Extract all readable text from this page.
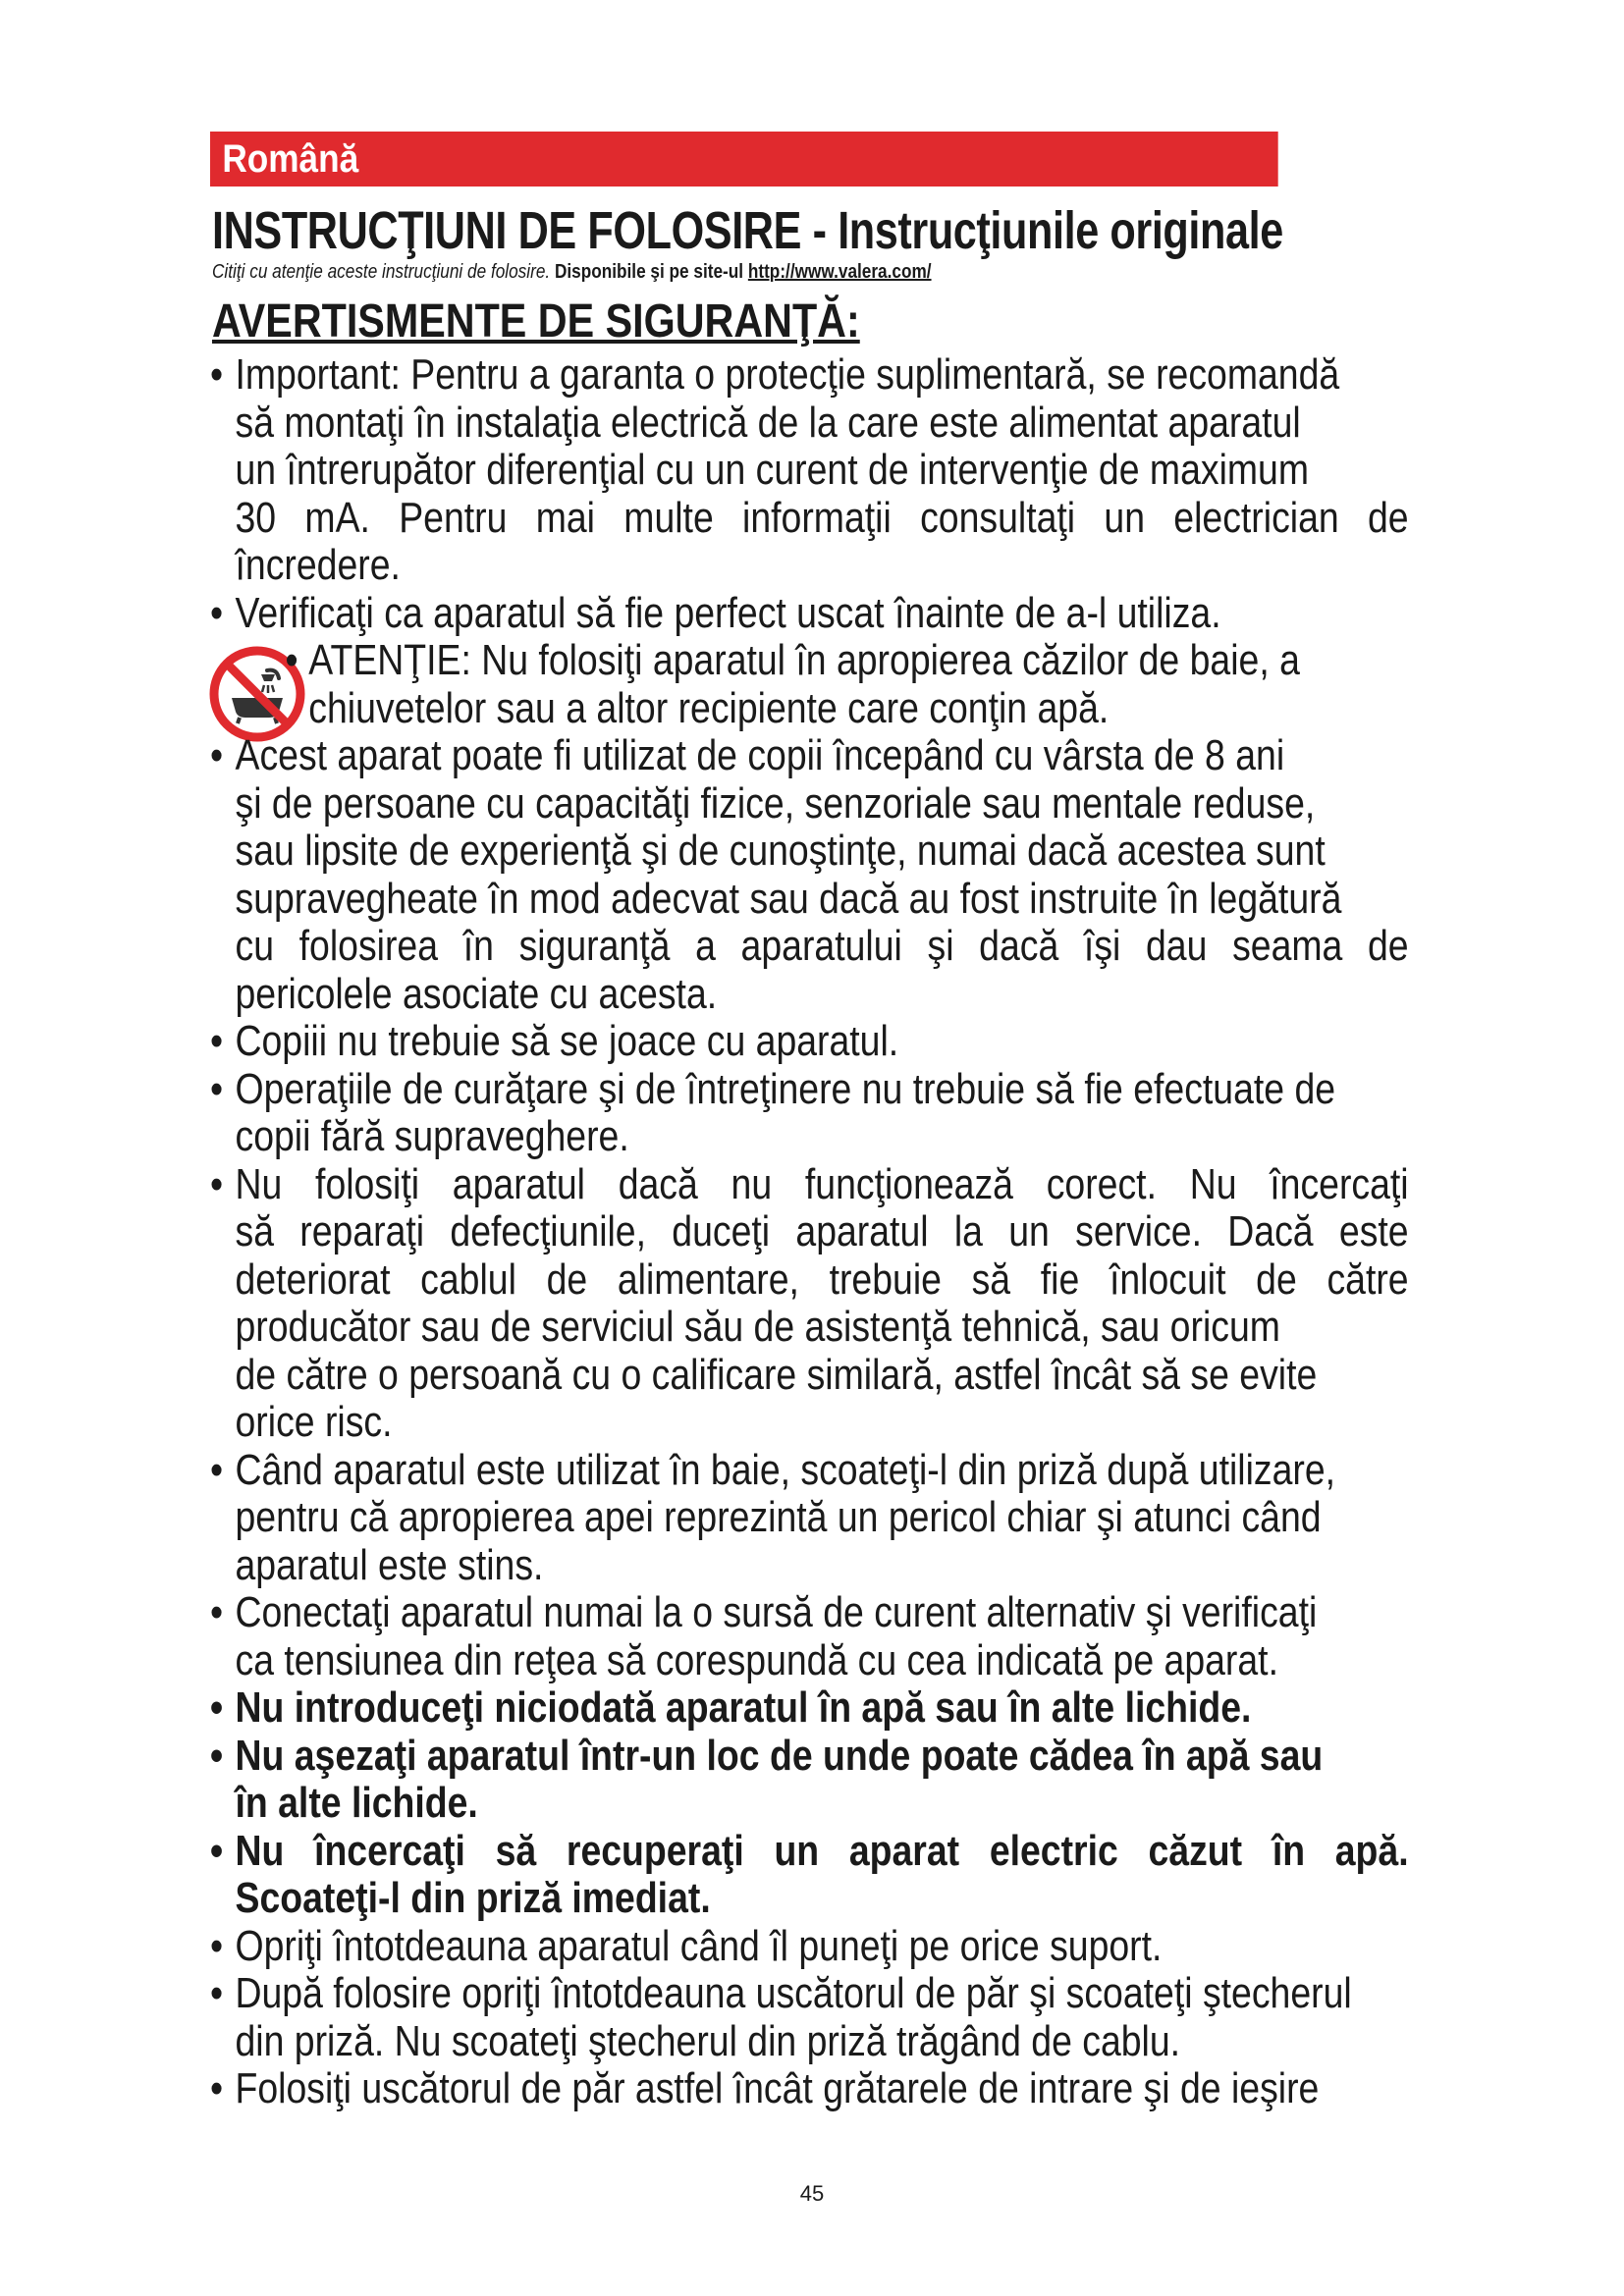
Română
INSTRUCŢIUNI DE FOLOSIRE - Instrucţiunile originale
Citiţi cu atenţie aceste instrucţiuni de folosire. Disponibile şi pe site-ul http://www.valera.com/
AVERTISMENTE DE SIGURANŢĂ:
• Important: Pentru a garanta o protecţie suplimentară, se recomandă
să montaţi în instalaţia electrică de la care este alimentat aparatul
un întrerupător diferenţial cu un curent de intervenţie de maximum
30 mA. Pentru mai multe informaţii consultaţi un electrician de
încredere.
• Verificaţi ca aparatul să fie perfect uscat înainte de a-l utiliza.
• ATENŢIE: Nu folosiţi aparatul în apropierea căzilor de baie, a
chiuvetelor sau a altor recipiente care conţin apă.
• Acest aparat poate fi utilizat de copii începând cu vârsta de 8 ani
şi de persoane cu capacităţi fizice, senzoriale sau mentale reduse,
sau lipsite de experienţă şi de cunoştinţe, numai dacă acestea sunt
supravegheate în mod adecvat sau dacă au fost instruite în legătură
cu folosirea în siguranţă a aparatului şi dacă îşi dau seama de
pericolele asociate cu acesta.
• Copiii nu trebuie să se joace cu aparatul.
• Operaţiile de curăţare şi de întreţinere nu trebuie să fie efectuate de
copii fără supraveghere.
• Nu folosiţi aparatul dacă nu funcţionează corect. Nu încercaţi
să reparaţi defecţiunile, duceţi aparatul la un service. Dacă este
deteriorat cablul de alimentare, trebuie să fie înlocuit de către
producător sau de serviciul său de asistenţă tehnică, sau oricum
de către o persoană cu o calificare similară, astfel încât să se evite
orice risc.
• Când aparatul este utilizat în baie, scoateţi-l din priză după utilizare,
pentru că apropierea apei reprezintă un pericol chiar şi atunci când
aparatul este stins.
• Conectaţi aparatul numai la o sursă de curent alternativ şi verificaţi
ca tensiunea din reţea să corespundă cu cea indicată pe aparat.
• Nu introduceţi niciodată aparatul în apă sau în alte lichide.
• Nu aşezaţi aparatul într-un loc de unde poate cădea în apă sau
în alte lichide.
• Nu încercaţi să recuperaţi un aparat electric căzut în apă.
Scoateţi-l din priză imediat.
• Opriţi întotdeauna aparatul când îl puneţi pe orice suport.
• După folosire opriţi întotdeauna uscătorul de păr şi scoateţi ştecherul
din priză. Nu scoateţi ştecherul din priză trăgând de cablu.
• Folosiţi uscătorul de păr astfel încât grătarele de intrare şi de ieşire
45
